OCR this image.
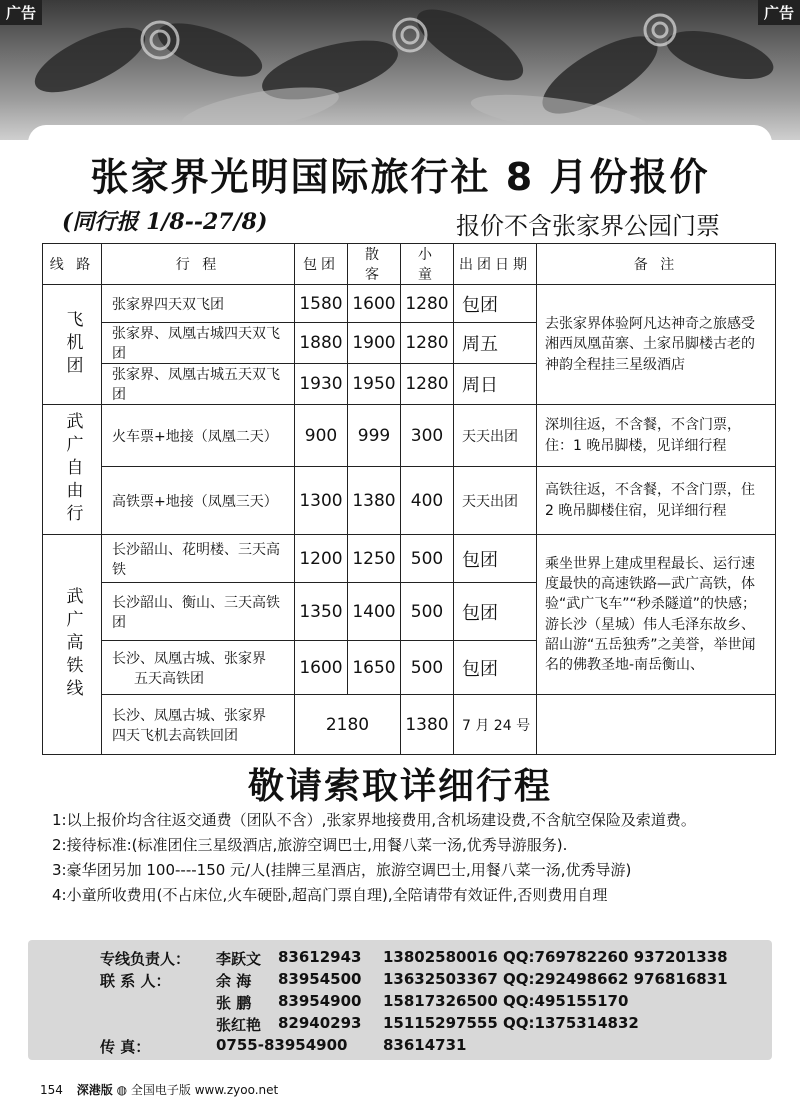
广告	广告
张家界光明国际旅行社 8 月份报价
(同行报 1/8--27/8)	报价不含张家界公园门票
线 路	行 程	包团	散 客	小 童	出团日期	备 注
飞机团	张家界四天双飞团	1580	1600	1280	包团	去张家界体验阿凡达神奇之旅感受湘西凤凰苗寨、土家吊脚楼古老的神韵全程挂三星级酒店
	张家界、凤凰古城四天双飞团	1880	1900	1280	周五	
	张家界、凤凰古城五天双飞团	1930	1950	1280	周日	
武广自由行	火车票+地接（凤凰二天）	900	999	300	天天出团	深圳往返，不含餐，不含门票，住：1 晚吊脚楼，见详细行程
	高铁票+地接（凤凰三天）	1300	1380	400	天天出团	高铁往返，不含餐，不含门票，住 2 晚吊脚楼住宿，见详细行程
武广高铁线	长沙韶山、花明楼、三天高铁	1200	1250	500	包团	乘坐世界上建成里程最长、运行速度最快的高速铁路—武广高铁，体验“武广飞车”“秒杀隧道”的快感；游长沙（星城）伟人毛泽东故乡、韶山游“五岳独秀”之美誉，举世闻名的佛教圣地-南岳衡山、
	长沙韶山、衡山、三天高铁团	1350	1400	500	包团	

	长沙、凤凰古城、张家界
五天高铁团	1600	1650	500	包团	

	长沙、凤凰古城、张家界
四天飞机去高铁回团	2180		1380	7 月 24 号	
敬请索取详细行程
1:以上报价均含往返交通费（团队不含）,张家界地接费用,含机场建设费,不含航空保险及索道费。
2:接待标准:(标准团住三星级酒店,旅游空调巴士,用餐八菜一汤,优秀导游服务).
3:豪华团另加 100----150 元/人(挂牌三星酒店，旅游空调巴士,用餐八菜一汤,优秀导游)
4:小童所收费用(不占床位,火车硬卧,超高门票自理),全陪请带有效证件,否则费用自理
专线负责人： 李跃文 83612943 13802580016 QQ:769782260 937201338
联 系 人：	余 海 83954500 13632503367 QQ:292498662 976816831
张 鹏 83954900 15817326500 QQ:495155170
张红艳 82940293 15115297555 QQ:1375314832
传 真：	0755-83954900 83614731
154 深港版 ◍ 全国电子版 www.zyoo.net
